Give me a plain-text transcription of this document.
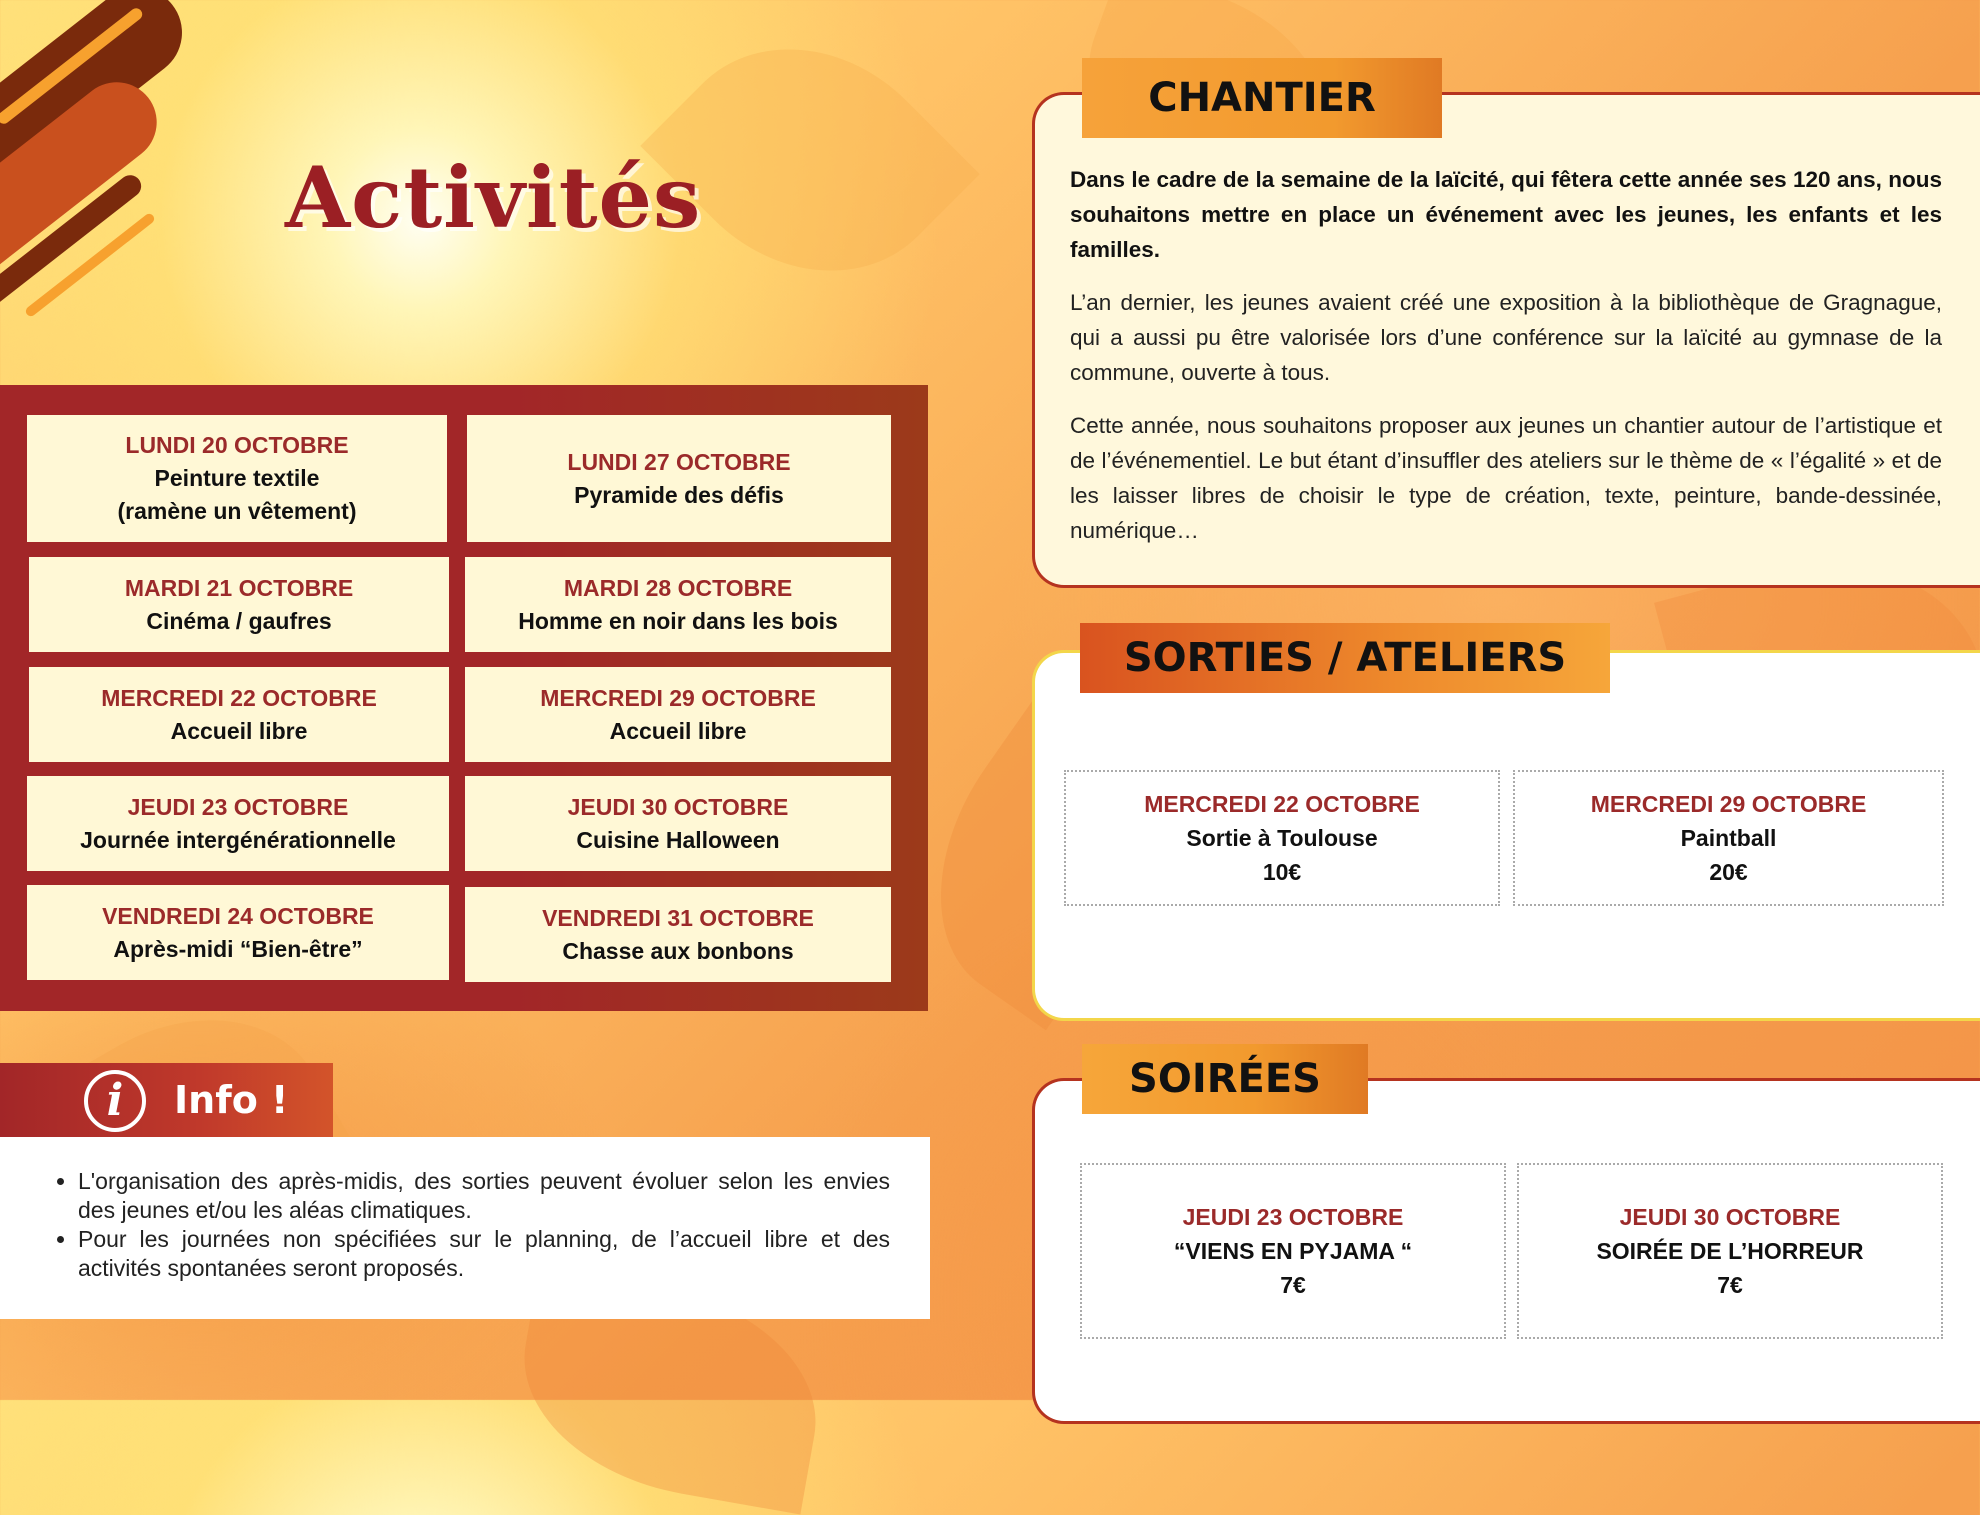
Activités
LUNDI 20 OCTOBRE
Peinture textile
(ramène un vêtement)
LUNDI 27 OCTOBRE
Pyramide des défis
MARDI 21 OCTOBRE
Cinéma / gaufres
MARDI 28 OCTOBRE
Homme en noir dans les bois
MERCREDI 22 OCTOBRE
Accueil libre
MERCREDI 29 OCTOBRE
Accueil libre
JEUDI 23 OCTOBRE
Journée intergénérationnelle
JEUDI 30 OCTOBRE
Cuisine Halloween
VENDREDI 24 OCTOBRE
Après-midi “Bien-être”
VENDREDI 31 OCTOBRE
Chasse aux bonbons
i	Info !
• L'organisation des après-midis, des sorties peuvent évoluer selon les envies des jeunes et/ou les aléas climatiques.
• Pour les journées non spécifiées sur le planning, de l’accueil libre et des activités spontanées seront proposés.
CHANTIER

Dans le cadre de la semaine de la laïcité, qui fêtera cette année ses 120 ans, nous souhaitons mettre en place un événement avec les jeunes, les enfants et les familles.

L’an dernier, les jeunes avaient créé une exposition à la bibliothèque de Gragnague, qui a aussi pu être valorisée lors d’une conférence sur la laïcité au gymnase de la commune, ouverte à tous.

Cette année, nous souhaitons proposer aux jeunes un chantier autour de l’artistique et de l’événementiel. Le but étant d’insuffler des ateliers sur le thème de « l’égalité » et de les laisser libres de choisir le type de création, texte, peinture, bande-dessinée, numérique…

SORTIES / ATELIERS
MERCREDI 22 OCTOBRE
Sortie à Toulouse
10€
MERCREDI 29 OCTOBRE
Paintball
20€
SOIRÉES
JEUDI 23 OCTOBRE
“VIENS EN PYJAMA “
7€
JEUDI 30 OCTOBRE
SOIRÉE DE L’HORREUR
7€
